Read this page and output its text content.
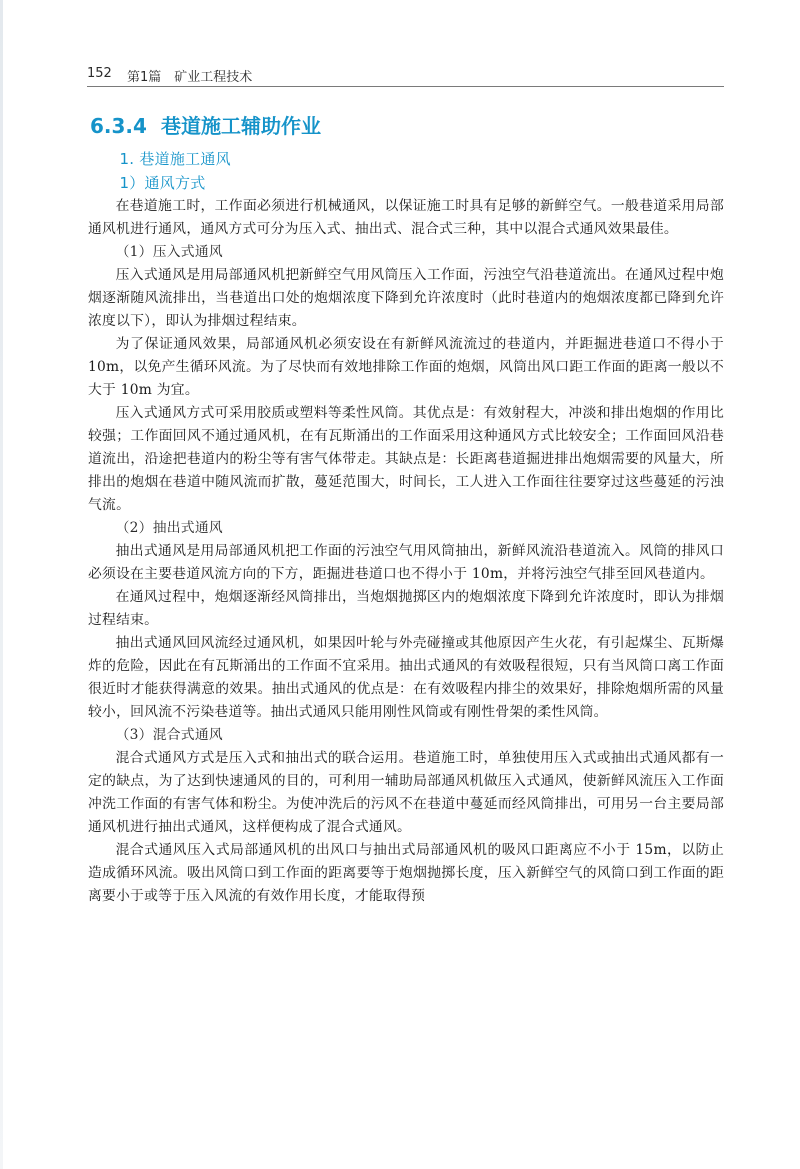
152 第1篇　矿业工程技术
6.3.4 巷道施工辅助作业

1. 巷道施工通风

1）通风方式

在巷道施工时，工作面必须进行机械通风，以保证施工时具有足够的新鲜空气。一般巷道采用局部通风机进行通风，通风方式可分为压入式、抽出式、混合式三种，其中以混合式通风效果最佳。

（1）压入式通风

压入式通风是用局部通风机把新鲜空气用风筒压入工作面，污浊空气沿巷道流出。在通风过程中炮烟逐渐随风流排出，当巷道出口处的炮烟浓度下降到允许浓度时（此时巷道内的炮烟浓度都已降到允许浓度以下），即认为排烟过程结束。

为了保证通风效果，局部通风机必须安设在有新鲜风流流过的巷道内，并距掘进巷道口不得小于 10m，以免产生循环风流。为了尽快而有效地排除工作面的炮烟，风筒出风口距工作面的距离一般以不大于 10m 为宜。

压入式通风方式可采用胶质或塑料等柔性风筒。其优点是：有效射程大，冲淡和排出炮烟的作用比较强；工作面回风不通过通风机，在有瓦斯涌出的工作面采用这种通风方式比较安全；工作面回风沿巷道流出，沿途把巷道内的粉尘等有害气体带走。其缺点是：长距离巷道掘进排出炮烟需要的风量大，所排出的炮烟在巷道中随风流而扩散，蔓延范围大，时间长，工人进入工作面往往要穿过这些蔓延的污浊气流。

（2）抽出式通风

抽出式通风是用局部通风机把工作面的污浊空气用风筒抽出，新鲜风流沿巷道流入。风筒的排风口必须设在主要巷道风流方向的下方，距掘进巷道口也不得小于 10m，并将污浊空气排至回风巷道内。

在通风过程中，炮烟逐渐经风筒排出，当炮烟抛掷区内的炮烟浓度下降到允许浓度时，即认为排烟过程结束。

抽出式通风回风流经过通风机，如果因叶轮与外壳碰撞或其他原因产生火花，有引起煤尘、瓦斯爆炸的危险，因此在有瓦斯涌出的工作面不宜采用。抽出式通风的有效吸程很短，只有当风筒口离工作面很近时才能获得满意的效果。抽出式通风的优点是：在有效吸程内排尘的效果好，排除炮烟所需的风量较小，回风流不污染巷道等。抽出式通风只能用刚性风筒或有刚性骨架的柔性风筒。

（3）混合式通风

混合式通风方式是压入式和抽出式的联合运用。巷道施工时，单独使用压入式或抽出式通风都有一定的缺点，为了达到快速通风的目的，可利用一辅助局部通风机做压入式通风，使新鲜风流压入工作面冲洗工作面的有害气体和粉尘。为使冲洗后的污风不在巷道中蔓延而经风筒排出，可用另一台主要局部通风机进行抽出式通风，这样便构成了混合式通风。

混合式通风压入式局部通风机的出风口与抽出式局部通风机的吸风口距离应不小于 15m，以防止造成循环风流。吸出风筒口到工作面的距离要等于炮烟抛掷长度，压入新鲜空气的风筒口到工作面的距离要小于或等于压入风流的有效作用长度，才能取得预
